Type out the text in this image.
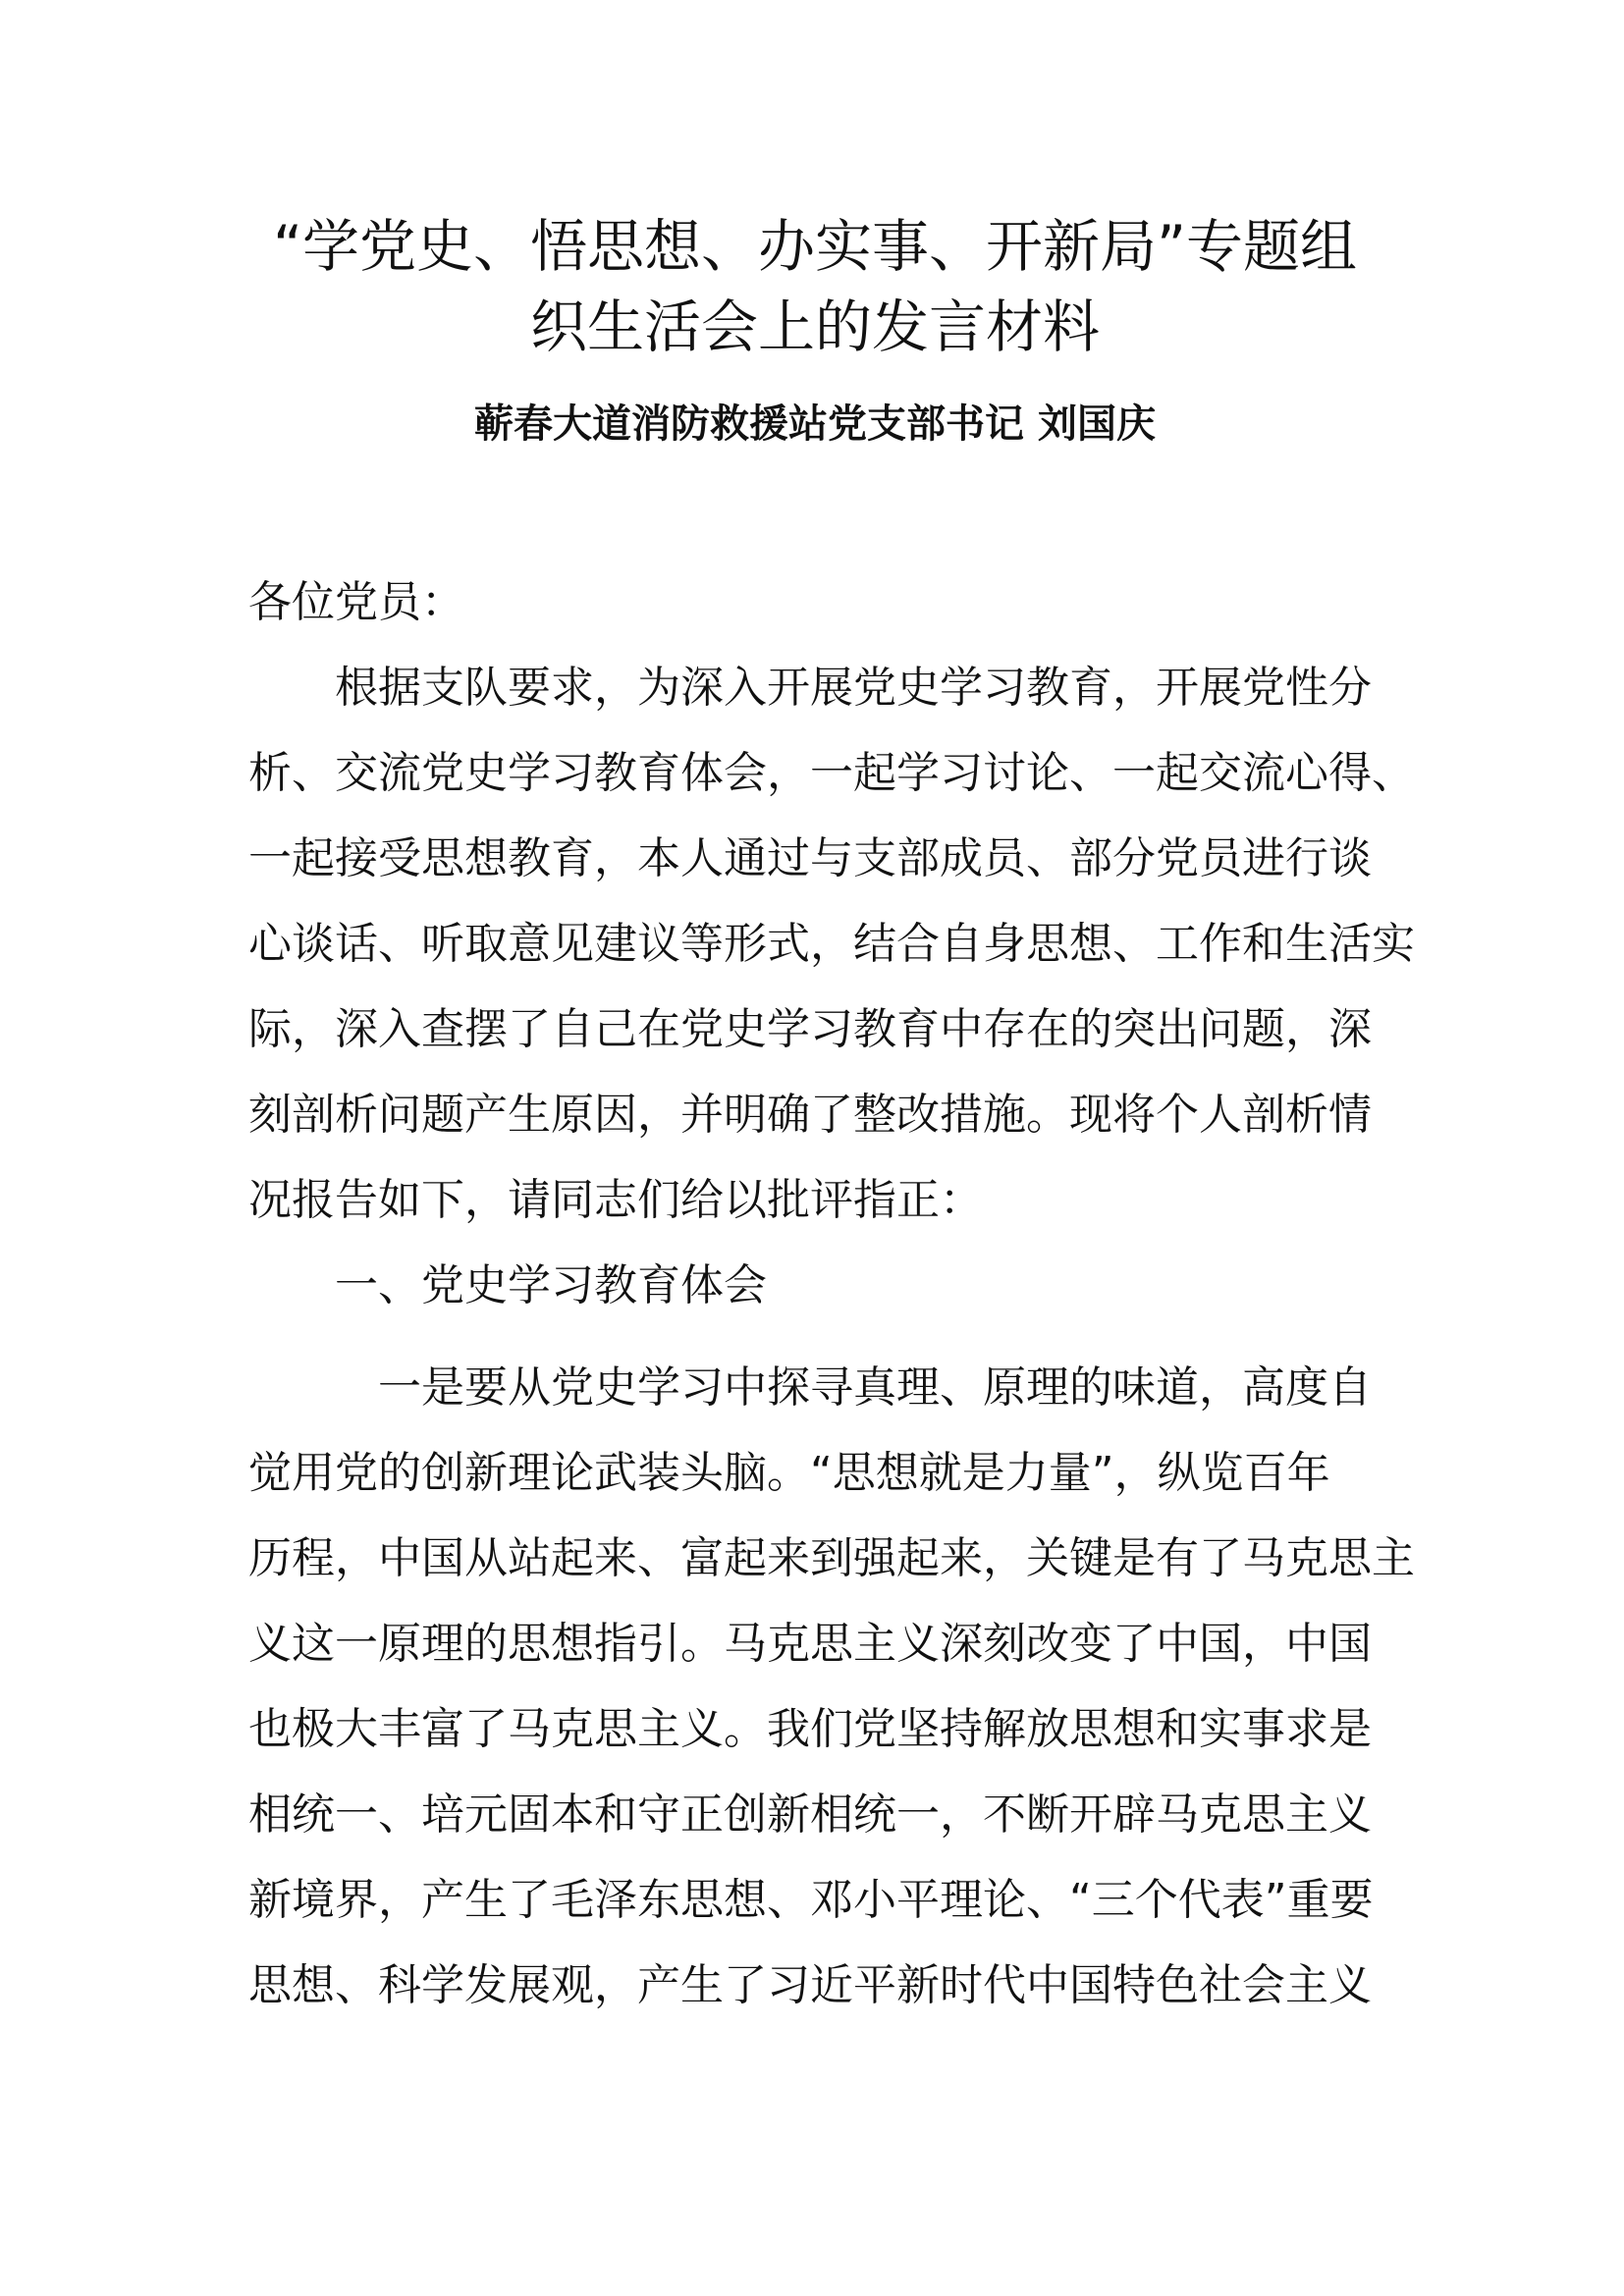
“学党史、悟思想、办实事、开新局”专题组
织生活会上的发言材料

蕲春大道消防救援站党支部书记 刘国庆

各位党员：

　　根据支队要求，为深入开展党史学习教育，开展党性分
析、交流党史学习教育体会，一起学习讨论、一起交流心得、
一起接受思想教育，本人通过与支部成员、部分党员进行谈
心谈话、听取意见建议等形式，结合自身思想、工作和生活实
际，深入查摆了自己在党史学习教育中存在的突出问题，深
刻剖析问题产生原因，并明确了整改措施。现将个人剖析情
况报告如下，请同志们给以批评指正：

　　一、党史学习教育体会

　　　一是要从党史学习中探寻真理、原理的味道，高度自
觉用党的创新理论武装头脑。“思想就是力量”，纵览百年
历程，中国从站起来、富起来到强起来，关键是有了马克思主
义这一原理的思想指引。马克思主义深刻改变了中国，中国
也极大丰富了马克思主义。我们党坚持解放思想和实事求是
相统一、培元固本和守正创新相统一，不断开辟马克思主义
新境界，产生了毛泽东思想、邓小平理论、“三个代表”重要
思想、科学发展观，产生了习近平新时代中国特色社会主义
